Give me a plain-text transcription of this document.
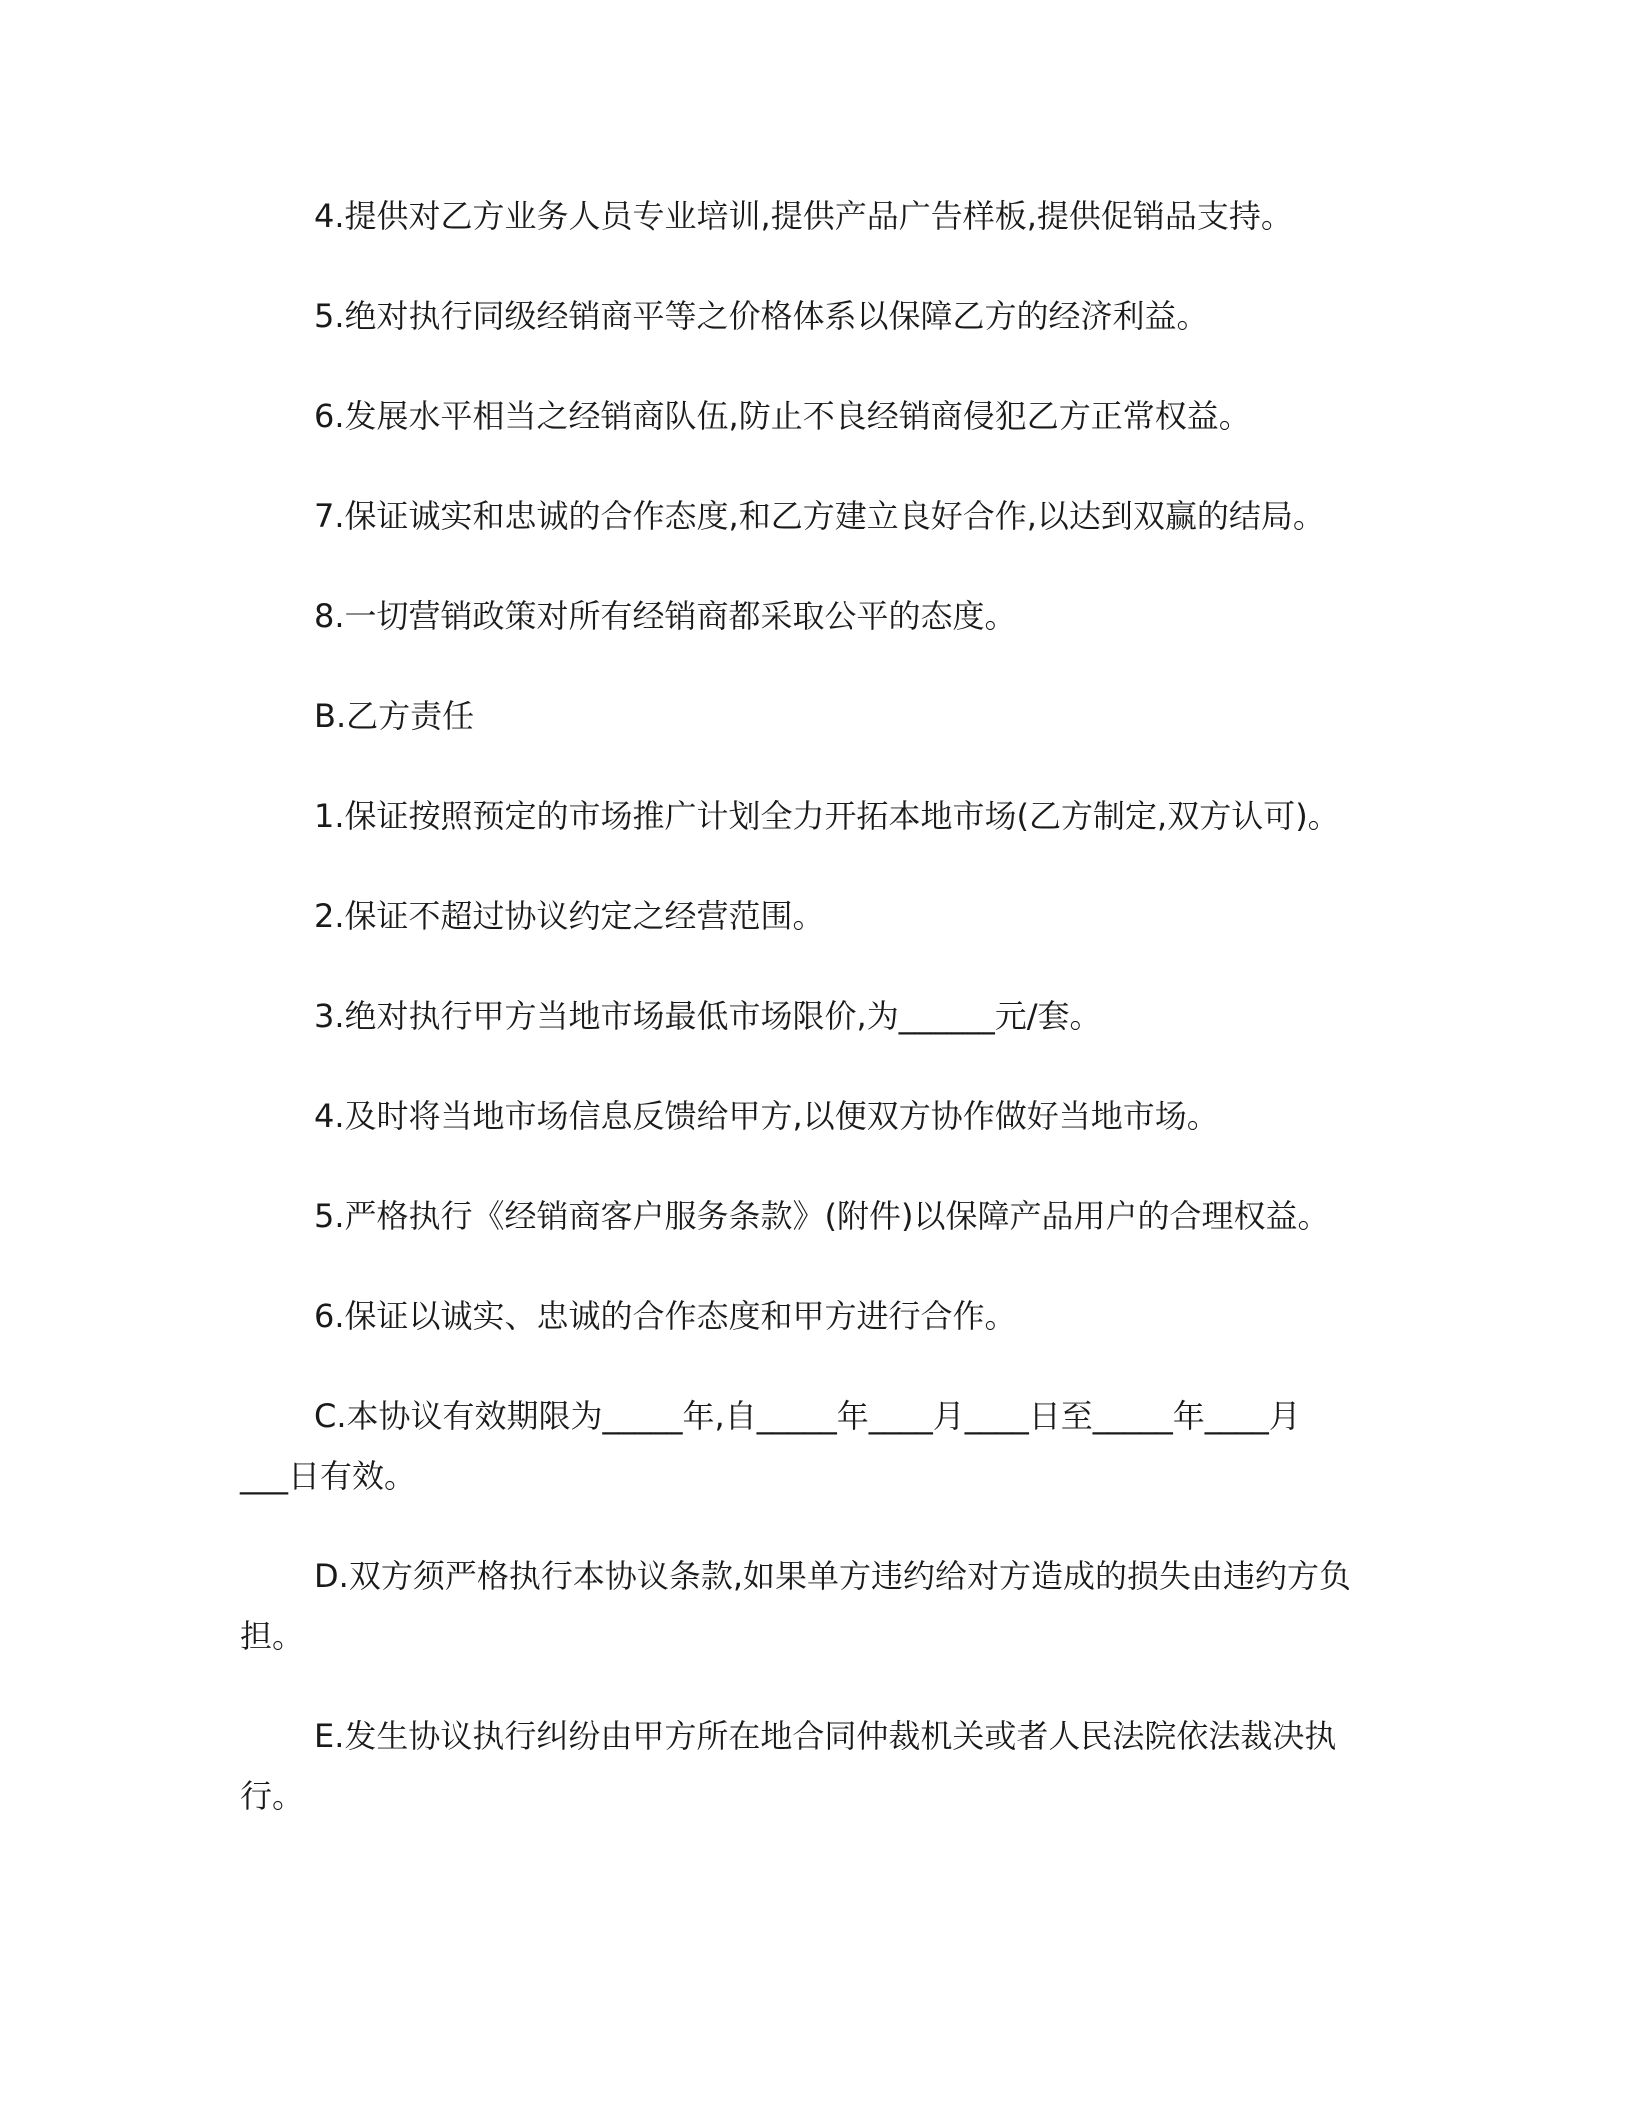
4.提供对乙方业务人员专业培训,提供产品广告样板,提供促销品支持。
5.绝对执行同级经销商平等之价格体系以保障乙方的经济利益。
6.发展水平相当之经销商队伍,防止不良经销商侵犯乙方正常权益。
7.保证诚实和忠诚的合作态度,和乙方建立良好合作,以达到双赢的结局。
8.一切营销政策对所有经销商都采取公平的态度。
B.乙方责任
1.保证按照预定的市场推广计划全力开拓本地市场(乙方制定,双方认可)。
2.保证不超过协议约定之经营范围。
3.绝对执行甲方当地市场最低市场限价,为______元/套。
4.及时将当地市场信息反馈给甲方,以便双方协作做好当地市场。
5.严格执行《经销商客户服务条款》(附件)以保障产品用户的合理权益。
6.保证以诚实、忠诚的合作态度和甲方进行合作。
C.本协议有效期限为_____年,自_____年____月____日至_____年____月
___日有效。
D.双方须严格执行本协议条款,如果单方违约给对方造成的损失由违约方负
担。
E.发生协议执行纠纷由甲方所在地合同仲裁机关或者人民法院依法裁决执
行。
